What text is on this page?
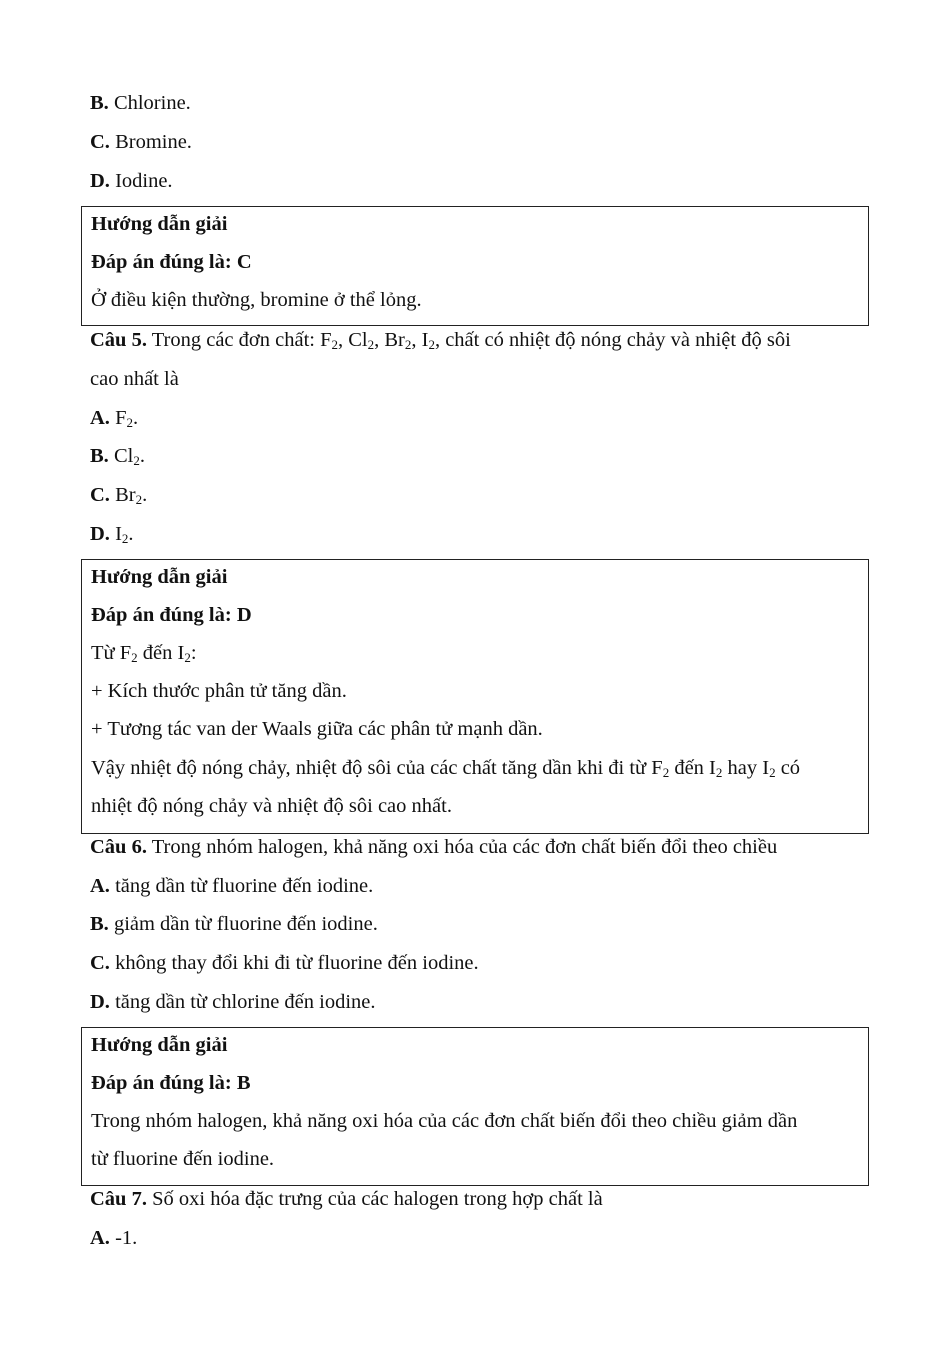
B. Chlorine.
C. Bromine.
D. Iodine.
Hướng dẫn giải
Đáp án đúng là: C
Ở điều kiện thường, bromine ở thể lỏng.
Câu 5. Trong các đơn chất: $F_2$, $Cl_2$, $Br_2$, $I_2$, chất có nhiệt độ nóng chảy và nhiệt độ sôi
cao nhất là
A. $F_2$.
B. $Cl_2$.
C. $Br_2$.
D. $I_2$.
Hướng dẫn giải
Đáp án đúng là: D
Từ $F_2$ đến $I_2$:
+ Kích thước phân tử tăng dần.
+ Tương tác van der Waals giữa các phân tử mạnh dần.
Vậy nhiệt độ nóng chảy, nhiệt độ sôi của các chất tăng dần khi đi từ $F_2$ đến $I_2$ hay $I_2$ có
nhiệt độ nóng chảy và nhiệt độ sôi cao nhất.
Câu 6. Trong nhóm halogen, khả năng oxi hóa của các đơn chất biến đổi theo chiều
A. tăng dần từ fluorine đến iodine.
B. giảm dần từ fluorine đến iodine.
C. không thay đổi khi đi từ fluorine đến iodine.
D. tăng dần từ chlorine đến iodine.
Hướng dẫn giải
Đáp án đúng là: B
Trong nhóm halogen, khả năng oxi hóa của các đơn chất biến đổi theo chiều giảm dần
từ fluorine đến iodine.
Câu 7. Số oxi hóa đặc trưng của các halogen trong hợp chất là
A. -1.
